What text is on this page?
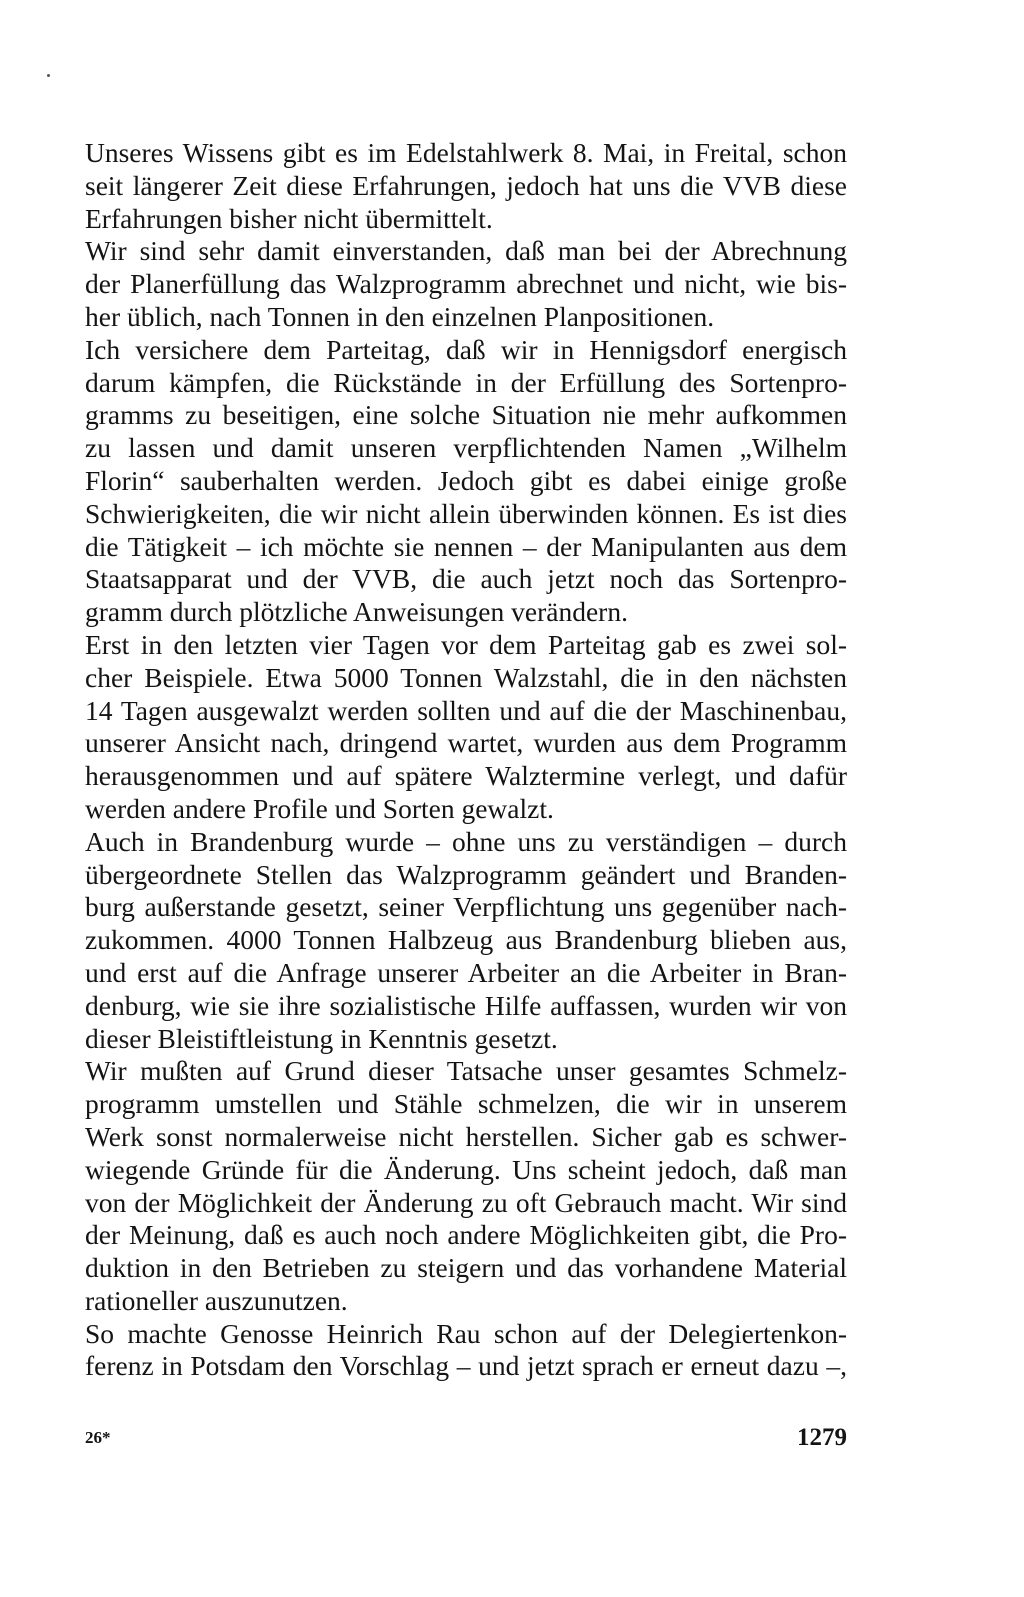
Unseres Wissens gibt es im Edelstahlwerk 8. Mai, in Freital, schon
seit längerer Zeit diese Erfahrungen, jedoch hat uns die VVB diese
Erfahrungen bisher nicht übermittelt.

Wir sind sehr damit einverstanden, daß man bei der Abrechnung
der Planerfüllung das Walzprogramm abrechnet und nicht, wie bis-
her üblich, nach Tonnen in den einzelnen Planpositionen.

Ich versichere dem Parteitag, daß wir in Hennigsdorf energisch
darum kämpfen, die Rückstände in der Erfüllung des Sortenpro-
gramms zu beseitigen, eine solche Situation nie mehr aufkommen
zu lassen und damit unseren verpflichtenden Namen „Wilhelm
Florin“ sauberhalten werden. Jedoch gibt es dabei einige große
Schwierigkeiten, die wir nicht allein überwinden können. Es ist dies
die Tätigkeit – ich möchte sie nennen – der Manipulanten aus dem
Staatsapparat und der VVB, die auch jetzt noch das Sortenpro-
gramm durch plötzliche Anweisungen verändern.

Erst in den letzten vier Tagen vor dem Parteitag gab es zwei sol-
cher Beispiele. Etwa 5000 Tonnen Walzstahl, die in den nächsten
14 Tagen ausgewalzt werden sollten und auf die der Maschinenbau,
unserer Ansicht nach, dringend wartet, wurden aus dem Programm
herausgenommen und auf spätere Walztermine verlegt, und dafür
werden andere Profile und Sorten gewalzt.

Auch in Brandenburg wurde – ohne uns zu verständigen – durch
übergeordnete Stellen das Walzprogramm geändert und Branden-
burg außerstande gesetzt, seiner Verpflichtung uns gegenüber nach-
zukommen. 4000 Tonnen Halbzeug aus Brandenburg blieben aus,
und erst auf die Anfrage unserer Arbeiter an die Arbeiter in Bran-
denburg, wie sie ihre sozialistische Hilfe auffassen, wurden wir von
dieser Bleistiftleistung in Kenntnis gesetzt.

Wir mußten auf Grund dieser Tatsache unser gesamtes Schmelz-
programm umstellen und Stähle schmelzen, die wir in unserem
Werk sonst normalerweise nicht herstellen. Sicher gab es schwer-
wiegende Gründe für die Änderung. Uns scheint jedoch, daß man
von der Möglichkeit der Änderung zu oft Gebrauch macht. Wir sind
der Meinung, daß es auch noch andere Möglichkeiten gibt, die Pro-
duktion in den Betrieben zu steigern und das vorhandene Material
rationeller auszunutzen.

So machte Genosse Heinrich Rau schon auf der Delegiertenkon-
ferenz in Potsdam den Vorschlag – und jetzt sprach er erneut dazu –,

26*	1279
